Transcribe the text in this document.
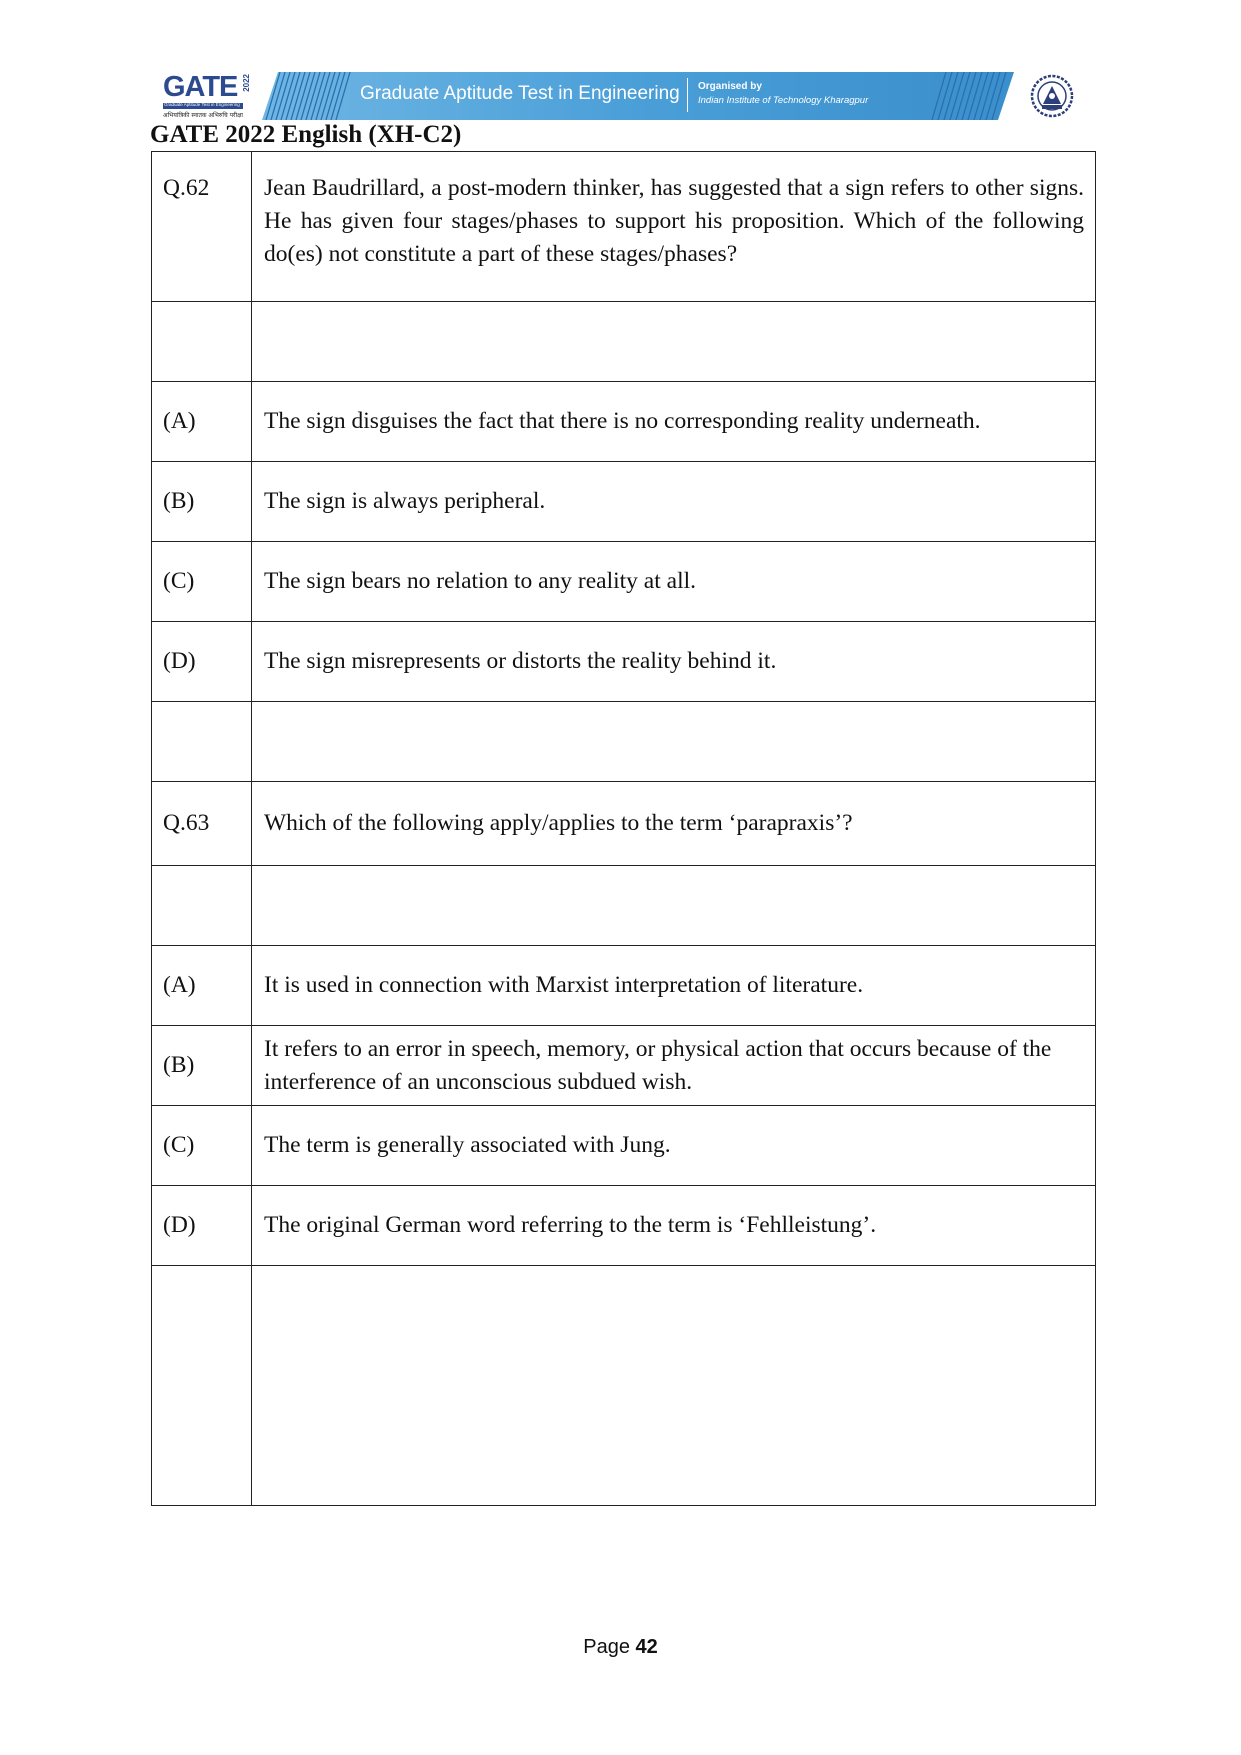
GATE 2022
Graduate Aptitude Test in Engineering
अभियांत्रिकी स्नातक अभिरुचि परीक्षा
Graduate Aptitude Test in Engineering Organised by
Indian Institute of Technology Kharagpur
GATE 2022 English (XH-C2)
Q.62	Jean Baudrillard, a post-modern thinker, has suggested that a sign refers to other signs. He has given four stages/phases to support his proposition. Which of the following do(es) not constitute a part of these stages/phases?

(A)	The sign disguises the fact that there is no corresponding reality underneath.
(B)	The sign is always peripheral.
(C)	The sign bears no relation to any reality at all.
(D)	The sign misrepresents or distorts the reality behind it.

Q.63	Which of the following apply/applies to the term ‘parapraxis’?

(A)	It is used in connection with Marxist interpretation of literature.
(B)	It refers to an error in speech, memory, or physical action that occurs because of the interference of an unconscious subdued wish.
(C)	The term is generally associated with Jung.
(D)	The original German word referring to the term is ‘Fehlleistung’.

Page 42
